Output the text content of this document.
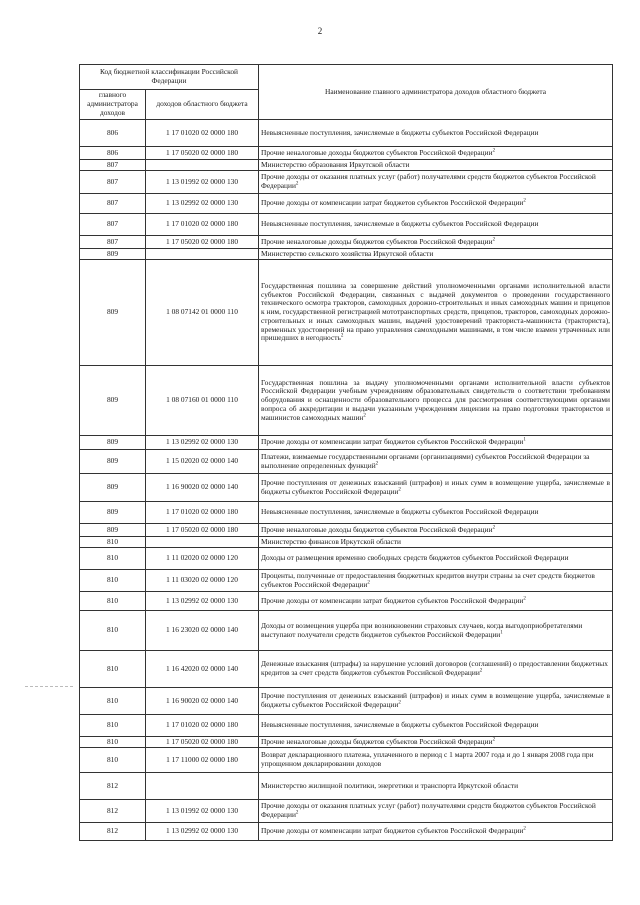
2
Код бюджетной классификации Российской Федерации		Наименование главного администратора доходов областного бюджета
главного администратора доходов	доходов областного бюджета	
806	1 17 01020 02 0000 180	Невыясненные поступления, зачисляемые в бюджеты субъектов Российской Федерации
806	1 17 05020 02 0000 180	Прочие неналоговые доходы бюджетов субъектов Российской Федерации$^2$
807		Министерство образования Иркутской области
807	1 13 01992 02 0000 130	Прочие доходы от оказания платных услуг (работ) получателями средств бюджетов субъектов Российской Федерации$^2$
807	1 13 02992 02 0000 130	Прочие доходы от компенсации затрат бюджетов субъектов Российской Федерации$^2$
807	1 17 01020 02 0000 180	Невыясненные поступления, зачисляемые в бюджеты субъектов Российской Федерации
807	1 17 05020 02 0000 180	Прочие неналоговые доходы бюджетов субъектов Российской Федерации$^2$
809		Министерство сельского хозяйства Иркутской области
809	1 08 07142 01 0000 110	Государственная пошлина за совершение действий уполномоченными органами исполнительной власти субъектов Российской Федерации, связанных с выдачей документов о проведении государственного технического осмотра тракторов, самоходных дорожно-строительных и иных самоходных машин и прицепов к ним, государственной регистрацией мототранспортных средств, прицепов, тракторов, самоходных дорожно-строительных и иных самоходных машин, выдачей удостоверений тракториста-машиниста (тракториста), временных удостоверений на право управления самоходными машинами, в том числе взамен утраченных или пришедших в негодность$^2$
809	1 08 07160 01 0000 110	Государственная пошлина за выдачу уполномоченными органами исполнительной власти субъектов Российской Федерации учебным учреждениям образовательных свидетельств о соответствии требованиям оборудования и оснащенности образовательного процесса для рассмотрения соответствующими органами вопроса об аккредитации и выдачи указанным учреждениям лицензии на право подготовки трактористов и машинистов самоходных машин$^2$
809	1 13 02992 02 0000 130	Прочие доходы от компенсации затрат бюджетов субъектов Российской Федерации$^1$
809	1 15 02020 02 0000 140	Платежи, взимаемые государственными органами (организациями) субъектов Российской Федерации за выполнение определенных функций$^2$
809	1 16 90020 02 0000 140	Прочие поступления от денежных взысканий (штрафов) и иных сумм в возмещение ущерба, зачисляемые в бюджеты субъектов Российской Федерации$^2$
809	1 17 01020 02 0000 180	Невыясненные поступления, зачисляемые в бюджеты субъектов Российской Федерации
809	1 17 05020 02 0000 180	Прочие неналоговые доходы бюджетов субъектов Российской Федерации$^2$
810		Министерство финансов Иркутской области
810	1 11 02020 02 0000 120	Доходы от размещения временно свободных средств бюджетов субъектов Российской Федерации
810	1 11 03020 02 0000 120	Проценты, полученные от предоставления бюджетных кредитов внутри страны за счет средств бюджетов субъектов Российской Федерации$^2$
810	1 13 02992 02 0000 130	Прочие доходы от компенсации затрат бюджетов субъектов Российской Федерации$^2$
810	1 16 23020 02 0000 140	Доходы от возмещения ущерба при возникновении страховых случаев, когда выгодоприобретателями выступают получатели средств бюджетов субъектов Российской Федерации$^1$
810	1 16 42020 02 0000 140	Денежные взыскания (штрафы) за нарушение условий договоров (соглашений) о предоставлении бюджетных кредитов за счет средств бюджетов субъектов Российской Федерации$^2$
810	1 16 90020 02 0000 140	Прочие поступления от денежных взысканий (штрафов) и иных сумм в возмещение ущерба, зачисляемые в бюджеты субъектов Российской Федерации$^2$
810	1 17 01020 02 0000 180	Невыясненные поступления, зачисляемые в бюджеты субъектов Российской Федерации
810	1 17 05020 02 0000 180	Прочие неналоговые доходы бюджетов субъектов Российской Федерации$^2$
810	1 17 11000 02 0000 180	Возврат декларационного платежа, уплаченного в период с 1 марта 2007 года и до 1 января 2008 года при упрощенном декларировании доходов
812		Министерство жилищной политики, энергетики и транспорта Иркутской области
812	1 13 01992 02 0000 130	Прочие доходы от оказания платных услуг (работ) получателями средств бюджетов субъектов Российской Федерации$^2$
812	1 13 02992 02 0000 130	Прочие доходы от компенсации затрат бюджетов субъектов Российской Федерации$^2$
